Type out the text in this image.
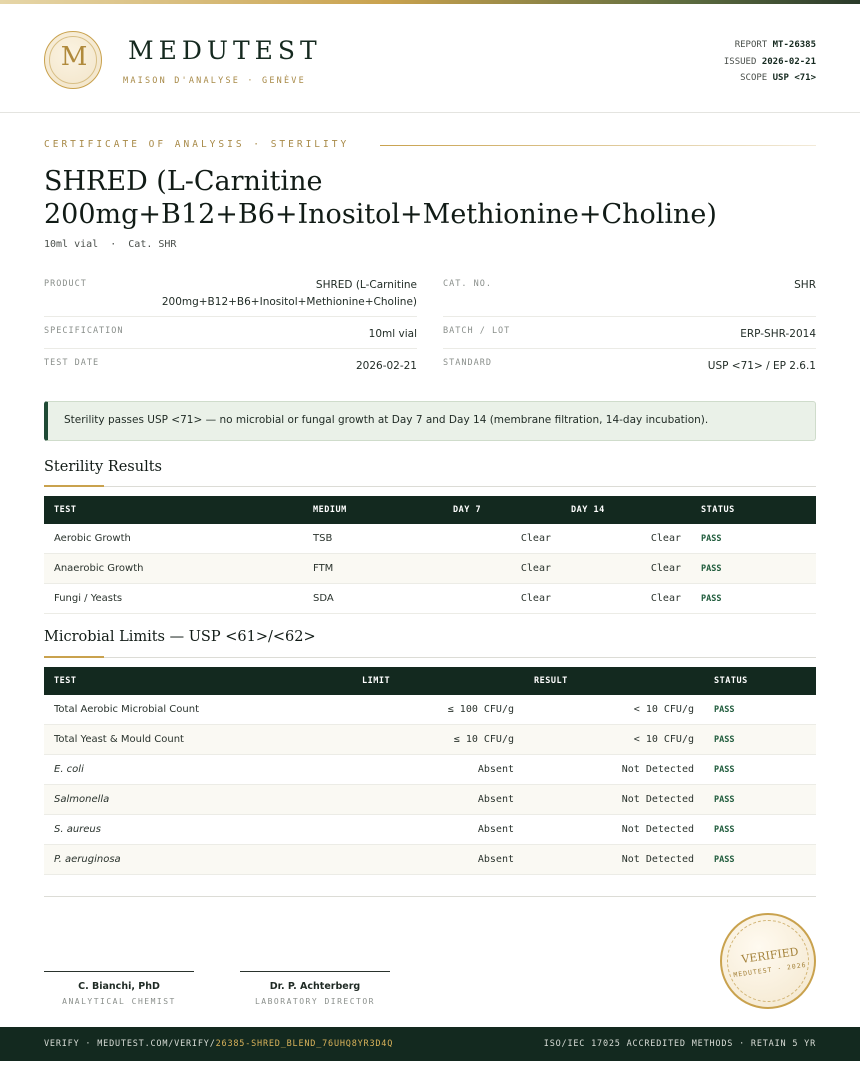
M	MEDUTEST
MAISON D'ANALYSE · GENÈVE
REPORT MT-26385
ISSUED 2026-02-21
SCOPE USP <71>
CERTIFICATE OF ANALYSIS · STERILITY
SHRED (L-Carnitine
200mg+B12+B6+Inositol+Methionine+Choline)
10ml vial  ·  Cat. SHR
PRODUCT	SHRED (L-Carnitine
200mg+B12+B6+Inositol+Methionine+Choline)
SPECIFICATION	10ml vial
TEST DATE	2026-02-21
CAT. NO.	SHR
BATCH / LOT	ERP-SHR-2014
STANDARD	USP <71> / EP 2.6.1
Sterility passes USP <71> — no microbial or fungal growth at Day 7 and Day 14 (membrane filtration, 14-day incubation).
Sterility Results
TEST	MEDIUM	DAY 7	DAY 14	STATUS
Aerobic Growth	TSB	Clear	Clear	PASS
Anaerobic Growth	FTM	Clear	Clear	PASS
Fungi / Yeasts	SDA	Clear	Clear	PASS
Microbial Limits — USP <61>/<62>
TEST	LIMIT	RESULT	STATUS
Total Aerobic Microbial Count	≤ 100 CFU/g	< 10 CFU/g	PASS
Total Yeast & Mould Count	≤ 10 CFU/g	< 10 CFU/g	PASS
E. coli	Absent	Not Detected	PASS
Salmonella	Absent	Not Detected	PASS
S. aureus	Absent	Not Detected	PASS
P. aeruginosa	Absent	Not Detected	PASS
C. Bianchi, PhD
ANALYTICAL CHEMIST
Dr. P. Achterberg
LABORATORY DIRECTOR
VERIFIED
MEDUTEST · 2026
VERIFY · MEDUTEST.COM/VERIFY/26385-SHRED_BLEND_76UHQ8YR3D4Q	ISO/IEC 17025 ACCREDITED METHODS · RETAIN 5 YR
